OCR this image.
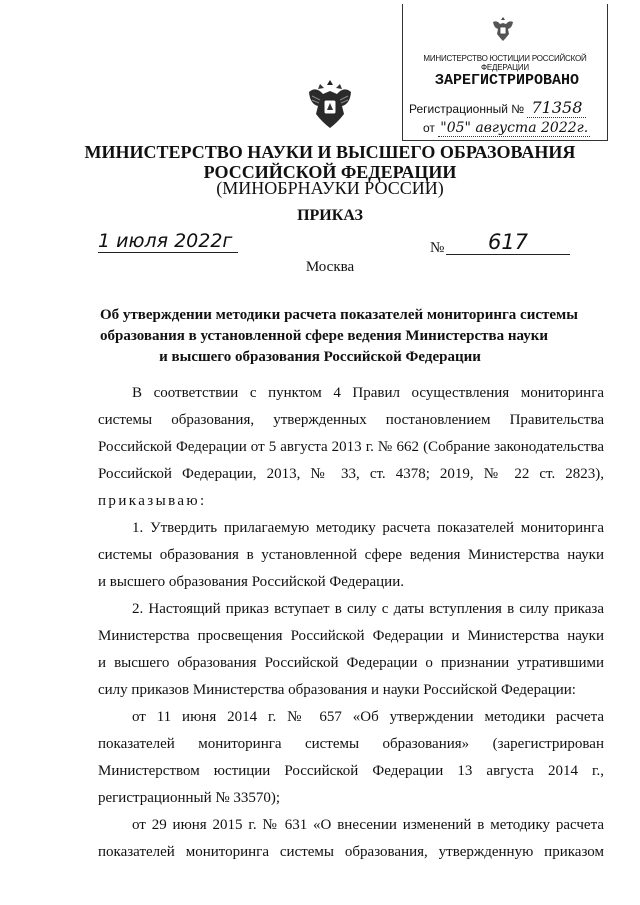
МИНИСТЕРСТВО ЮСТИЦИИ РОССИЙСКОЙ ФЕДЕРАЦИИ
ЗАРЕГИСТРИРОВАНО
Регистрационный № 71358
от "05" августа 2022г.
МИНИСТЕРСТВО НАУКИ И ВЫСШЕГО ОБРАЗОВАНИЯ
РОССИЙСКОЙ ФЕДЕРАЦИИ
(МИНОБРНАУКИ РОССИИ)
ПРИКАЗ
1 июля 2022г	№	617
Москва
Об утверждении методики расчета показателей мониторинга системы
образования в установленной сфере ведения Министерства науки
и высшего образования Российской Федерации
В соответствии с пунктом 4 Правил осуществления мониторинга
системы образования, утвержденных постановлением Правительства
Российской Федерации от 5 августа 2013 г. № 662 (Собрание законодательства
Российской Федерации, 2013, № 33, ст. 4378; 2019, № 22 ст. 2823),
приказываю:
1. Утвердить прилагаемую методику расчета показателей мониторинга
системы образования в установленной сфере ведения Министерства науки
и высшего образования Российской Федерации.
2. Настоящий приказ вступает в силу с даты вступления в силу приказа
Министерства просвещения Российской Федерации и Министерства науки
и высшего образования Российской Федерации о признании утратившими
силу приказов Министерства образования и науки Российской Федерации:
от 11 июня 2014 г. № 657 «Об утверждении методики расчета
показателей мониторинга системы образования» (зарегистрирован
Министерством юстиции Российской Федерации 13 августа 2014 г.,
регистрационный № 33570);
от 29 июня 2015 г. № 631 «О внесении изменений в методику расчета
показателей мониторинга системы образования, утвержденную приказом
